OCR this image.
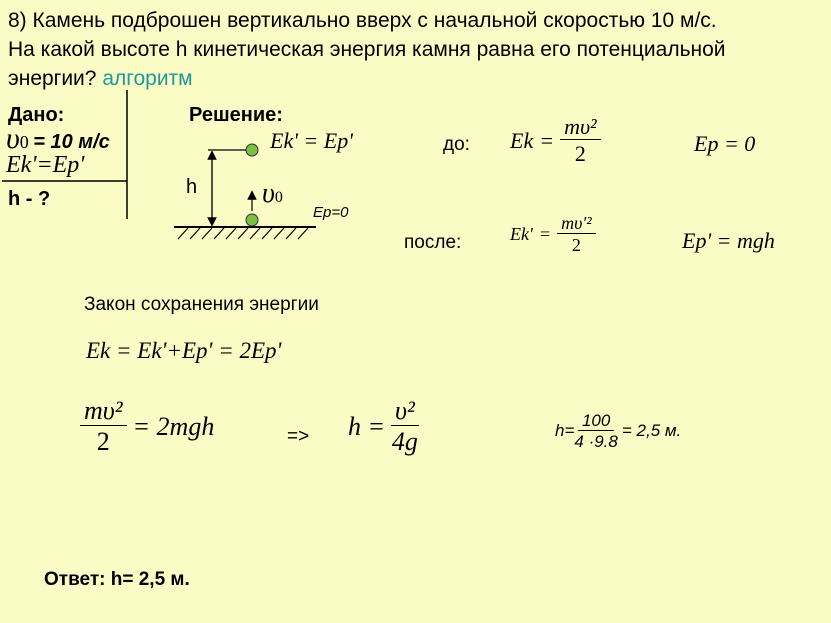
8) Камень подброшен вертикально вверх с начальной скоростью 10 м/с.
На какой высоте h кинетическая энергия камня равна его потенциальной
энергии? алгоритм
Дано:
υ0 = 10 м/с
Ek'=Ep'
h - ?
Решение:
Ek' = Ep'
h υ0
Ep=0
до: $Ek = \frac{\text{mυ²}}{2}$	Ep = 0
после:	$Ek' = \frac{\text{mυ′²}}{2}$	Ep' = mgh
Закон сохранения энергии
Ek = Ek'+Ep' = 2Ep'
$\frac{\text{mυ²}}{2} = 2mgh$	=> $h = \frac{\text{υ²}}{4g}$	$h= \frac{100}{4 \cdot 9.8} = 2,5$ м.
Ответ: h= 2,5 м.
